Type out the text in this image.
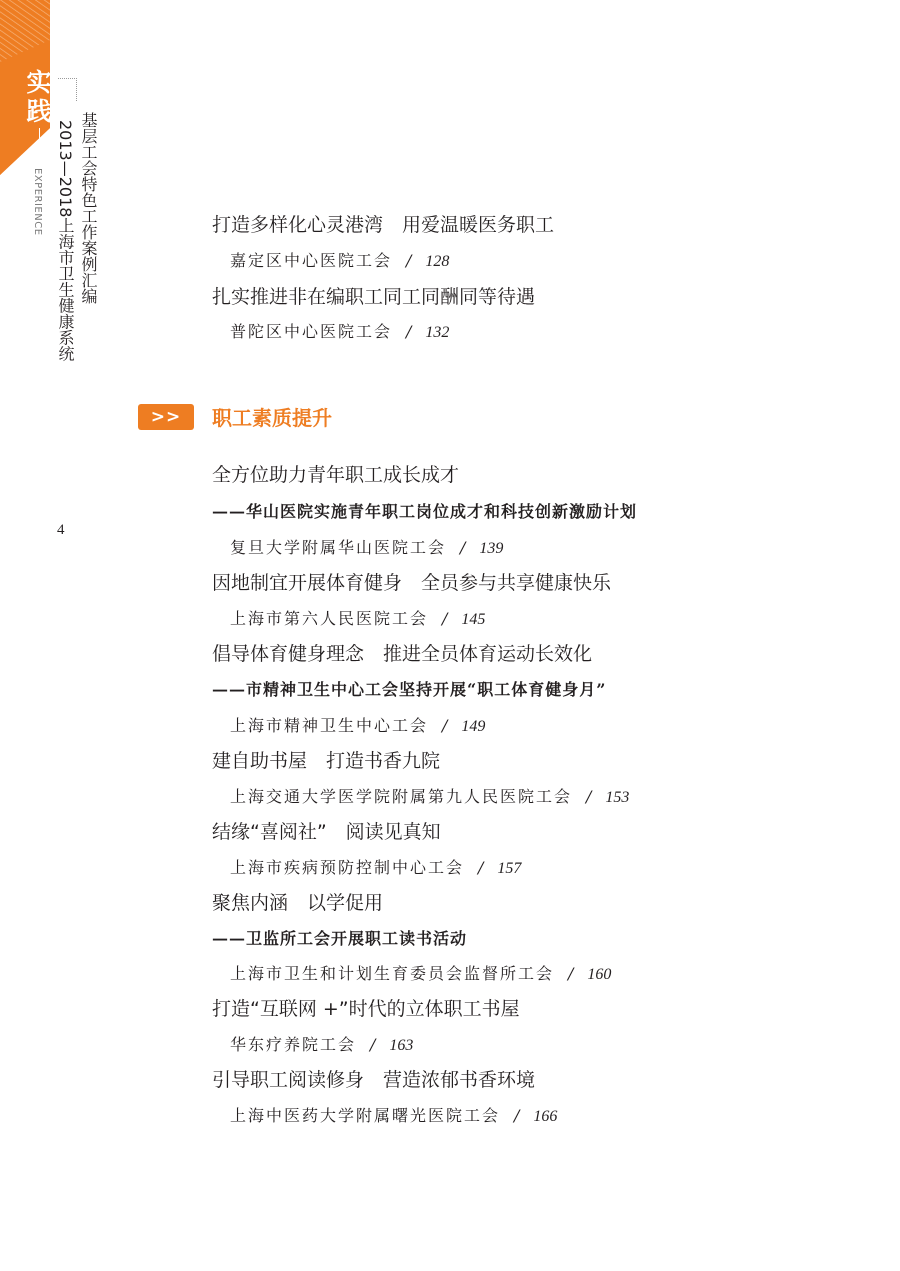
实
践
EXPERIENCE 基层工会特色工作案例汇编
2013—2018上海市卫生健康系统
4
打造多样化心灵港湾　用爱温暖医务职工
嘉定区中心医院工会 / 128
扎实推进非在编职工同工同酬同等待遇
普陀区中心医院工会 / 132
>>	职工素质提升
全方位助力青年职工成长成才
——华山医院实施青年职工岗位成才和科技创新激励计划
复旦大学附属华山医院工会 / 139
因地制宜开展体育健身　全员参与共享健康快乐
上海市第六人民医院工会 / 145
倡导体育健身理念　推进全员体育运动长效化
——市精神卫生中心工会坚持开展“职工体育健身月”
上海市精神卫生中心工会 / 149
建自助书屋　打造书香九院
上海交通大学医学院附属第九人民医院工会 / 153
结缘“喜阅社”　阅读见真知
上海市疾病预防控制中心工会 / 157
聚焦内涵　以学促用
——卫监所工会开展职工读书活动
上海市卫生和计划生育委员会监督所工会 / 160
打造“互联网 +”时代的立体职工书屋
华东疗养院工会 / 163
引导职工阅读修身　营造浓郁书香环境
上海中医药大学附属曙光医院工会 / 166
